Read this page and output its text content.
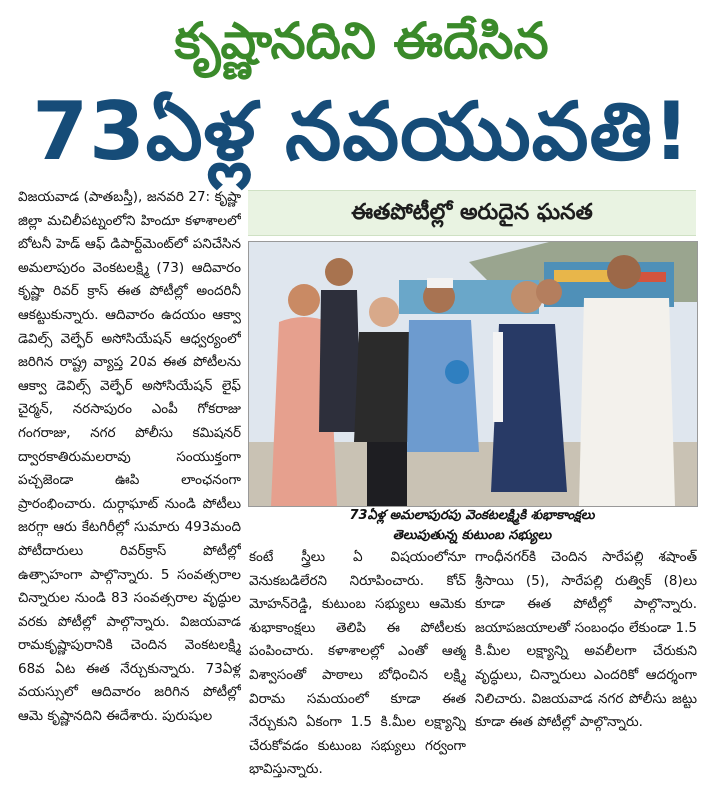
కృష్ణానదిని ఈదేసిన
73ఏళ్ల నవయువతి!
విజయవాడ (పాతబస్తీ), జనవరి 27: కృష్ణా జిల్లా మచిలీపట్నంలోని హిందూ కళాశాలలో బోటనీ హెడ్ ఆఫ్ డిపార్ట్‌మెంట్‌లో పనిచేసిన అమలాపురం వెంకటలక్ష్మి (73) ఆదివారం కృష్ణా రివర్ క్రాస్ ఈత పోటీల్లో అందరినీ ఆకట్టుకున్నారు. ఆదివారం ఉదయం ఆక్వా డెవిల్స్ వెల్ఫేర్ అసోసియేషన్ ఆధ్వర్యంలో జరిగిన రాష్ట్ర వ్యాప్త 20వ ఈత పోటీలను ఆక్వా డెవిల్స్ వెల్ఫేర్ అసోసియేషన్ లైఫ్ చైర్మన్, నరసాపురం ఎంపీ గోకరాజు గంగరాజు, నగర పోలీసు కమిషనర్ ద్వారకాతిరుమలరావు సంయుక్తంగా పచ్చజెండా ఊపి లాంఛనంగా ప్రారంభించారు. దుర్గాఘాట్ నుండి పోటీలు జరగ్గా ఆరు కేటగిరీల్లో సుమారు 493మంది పోటీదారులు రివర్‌క్రాస్ పోటీల్లో ఉత్సాహంగా పాల్గొన్నారు. 5 సంవత్సరాల చిన్నారుల నుండి 83 సంవత్సరాల వృద్ధుల వరకు పోటీల్లో పాల్గొన్నారు. విజయవాడ రామకృష్ణాపురానికి చెందిన వెంకటలక్ష్మి 68వ ఏట ఈత నేర్చుకున్నారు. 73ఏళ్ల వయస్సులో ఆదివారం జరిగిన పోటీల్లో ఆమె కృష్ణానదిని ఈదేశారు. పురుషుల
ఈతపోటీల్లో అరుదైన ఘనత
73ఏళ్ల అమలాపురపు వెంకటలక్ష్మికి శుభాకాంక్షలు
తెలుపుతున్న కుటుంబ సభ్యులు
కంటే స్త్రీలు ఏ విషయంలోనూ వెనుకబడిలేరని నిరూపించారు. కోచ్ మోహన్‌రెడ్డి, కుటుంబ సభ్యులు ఆమెకు శుభాకాంక్షలు తెలిపి ఈ పోటీలకు పంపించారు. కళాశాలల్లో ఎంతో ఆత్మ విశ్వాసంతో పాఠాలు బోధించిన లక్ష్మి విరామ సమయంలో కూడా ఈత నేర్చుకుని ఏకంగా 1.5 కి.మీల లక్ష్యాన్ని చేరుకోవడం కుటుంబ సభ్యులు గర్వంగా భావిస్తున్నారు.
గాంధీనగర్‌కి చెందిన సారేపల్లి శషాంత్ శ్రీసాయి (5), సారేపల్లి రుత్విక్ (8)లు కూడా ఈత పోటీల్లో పాల్గొన్నారు. జయాపజయాలతో సంబంధం లేకుండా 1.5 కి.మీల లక్ష్యాన్ని అవలీలగా చేరుకుని వృద్ధులు, చిన్నారులు ఎందరికో ఆదర్శంగా నిలిచారు. విజయవాడ నగర పోలీసు జట్టు కూడా ఈత పోటీల్లో పాల్గొన్నారు.
